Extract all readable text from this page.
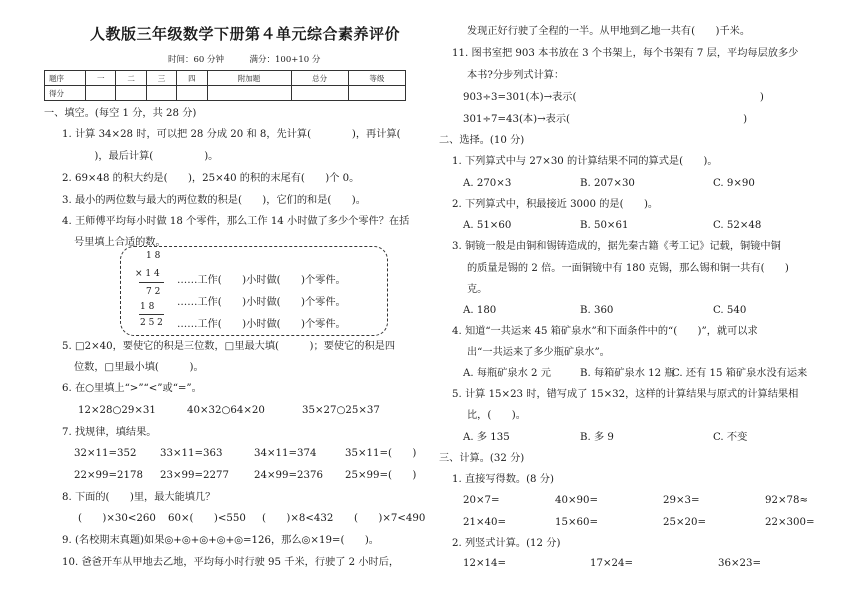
人教版三年级数学下册第４单元综合素养评价
时间：60 分钟　　　满分：100+10 分
题序	一	二	三	四	附加题	总分	等级
得分							
一、填空。(每空 1 分，共 28 分)
1. 计算 34×28 时，可以把 28 分成 20 和 8，先计算(　　　　)，再计算(
　　)，最后计算(　　　　　)。
2. 69×48 的积大约是(　　)，25×40 的积的末尾有(　　)个 0。
3. 最小的两位数与最大的两位数的积是(　　)，它们的和是(　　)。
4. 王师傅平均每小时做 18 个零件，那么工作 14 小时做了多少个零件？在括
号里填上合适的数。
1 8
× 1 4
7 2
1 8
2 5 2
……工作(　　)小时做(　　)个零件。
……工作(　　)小时做(　　)个零件。
……工作(　　)小时做(　　)个零件。
5. □2×40，要使它的积是三位数，□里最大填(　　　)；要使它的积是四
位数，□里最小填(　　　)。
6. 在○里填上“>”“<”或“=”。
12×28○29×31	40×32○64×20	35×27○25×37
7. 找规律，填结果。
32×11=352 33×11=363	34×11=374	35×11=(　　)
22×99=2178 23×99=2277 24×99=2376 25×99=(　　)
8. 下面的(　　)里，最大能填几？
(　　)×30<260 60×(　　)<550 (　　)×8<432 (　　)×7<490
9. (名校期末真题)如果◎+◎+◎+◎+◎=126，那么◎×19=(　　)。
10. 爸爸开车从甲地去乙地，平均每小时行驶 95 千米，行驶了 2 小时后，
发现正好行驶了全程的一半。从甲地到乙地一共有(　　)千米。
11. 图书室把 903 本书放在 3 个书架上，每个书架有 7 层，平均每层放多少
本书?分步列式计算：
903÷3=301(本)→表示(　　　　　　　　　　　　　　　　　　)
301÷7=43(本)→表示(　　　　　　　　　　　　　　　　　)
二、选择。(10 分)
1. 下列算式中与 27×30 的计算结果不同的算式是(　　)。
A. 270×3	B. 207×30	C. 9×90
2. 下列算式中，积最接近 3000 的是(　　)。
A. 51×60	B. 50×61	C. 52×48
3. 铜镜一般是由铜和锡铸造成的，据先秦古籍《考工记》记载，铜镜中铜
的质量是锡的 2 倍。一面铜镜中有 180 克锡，那么锡和铜一共有(　　)
克。
A. 180	B. 360	C. 540
4. 知道“一共运来 45 箱矿泉水”和下面条件中的“(　　)”，就可以求
出“一共运来了多少瓶矿泉水”。
A. 每瓶矿泉水 2 元	B. 每箱矿泉水 12 瓶
C. 还有 15 箱矿泉水没有运来
5. 计算 15×23 时，错写成了 15×32，这样的计算结果与原式的计算结果相
比，(　　)。
A. 多 135	B. 多 9	C. 不变
三、计算。(32 分)
1. 直接写得数。(8 分)
20×7=	40×90=	29×3=	92×78≈
21×40=	15×60=	25×20=	22×300=
2. 列竖式计算。(12 分)
12×14=	17×24=	36×23=
